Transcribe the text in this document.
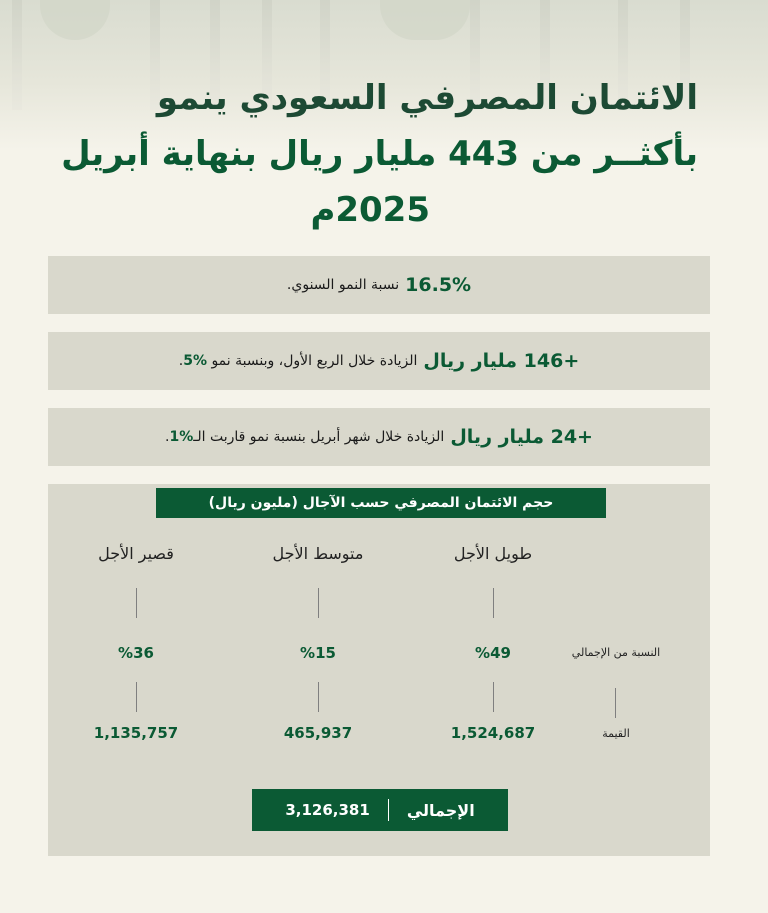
الائتمان المصرفي السعودي ينمو
بأكثــر من 443 مليار ريال بنهاية أبريل
2025م
16.5%
نسبة النمو السنوي.
+146 مليار ريال
الزيادة خلال الربع الأول، وبنسبة نمو

5%
.
+24 مليار ريال
الزيادة خلال شهر أبريل بنسبة نمو قاربت الـ
1%
.
حجم الائتمان المصرفي حسب الآجال (مليون ريال)
طويل الأجل
متوسط الأجل
قصير الأجل
النسبة من الإجمالي
%49
%15
%36
القيمة
1,524,687
465,937
1,135,757
الإجمالي
3,126,381
